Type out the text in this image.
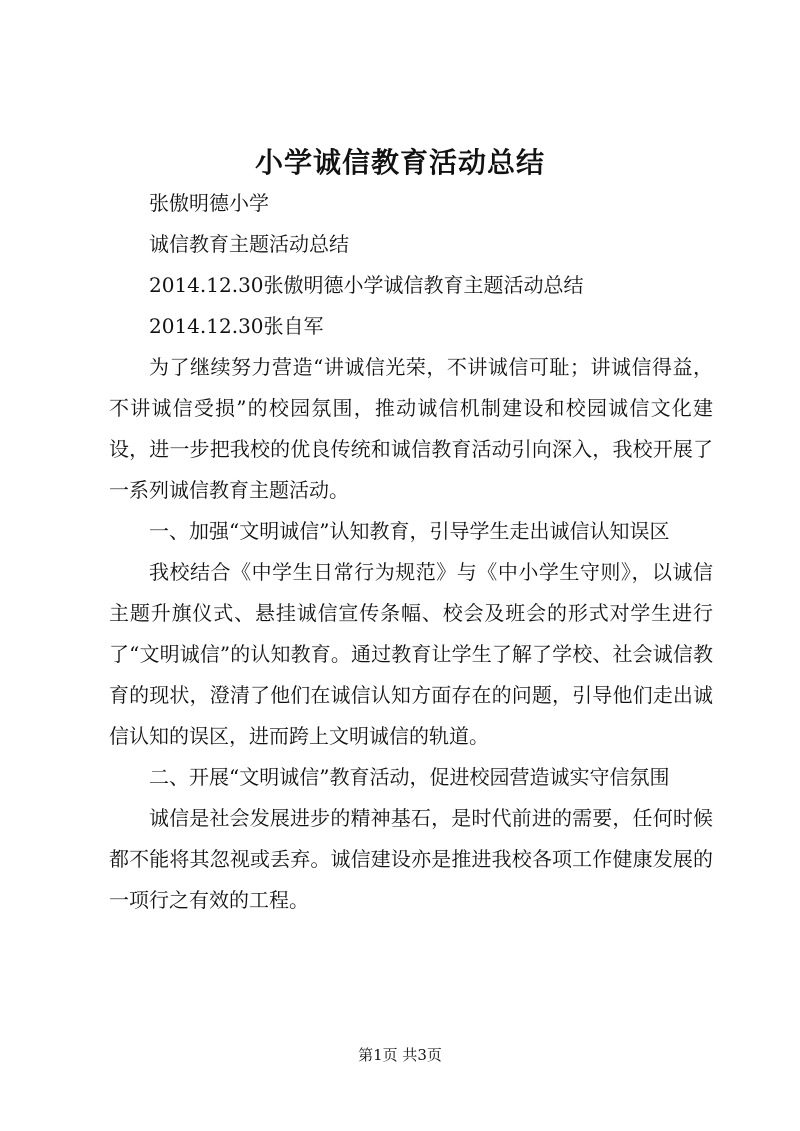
小学诚信教育活动总结

张傲明德小学

诚信教育主题活动总结

2014.12.30张傲明德小学诚信教育主题活动总结

2014.12.30张自军

为了继续努力营造“讲诚信光荣，不讲诚信可耻；讲诚信得益，不讲诚信受损”的校园氛围，推动诚信机制建设和校园诚信文化建设，进一步把我校的优良传统和诚信教育活动引向深入，我校开展了一系列诚信教育主题活动。

一、加强“文明诚信”认知教育，引导学生走出诚信认知误区

我校结合《中学生日常行为规范》与《中小学生守则》，以诚信主题升旗仪式、悬挂诚信宣传条幅、校会及班会的形式对学生进行了“文明诚信”的认知教育。通过教育让学生了解了学校、社会诚信教育的现状，澄清了他们在诚信认知方面存在的问题，引导他们走出诚信认知的误区，进而跨上文明诚信的轨道。

二、开展“文明诚信”教育活动，促进校园营造诚实守信氛围

诚信是社会发展进步的精神基石，是时代前进的需要，任何时候都不能将其忽视或丢弃。诚信建设亦是推进我校各项工作健康发展的一项行之有效的工程。

第1页 共3页
